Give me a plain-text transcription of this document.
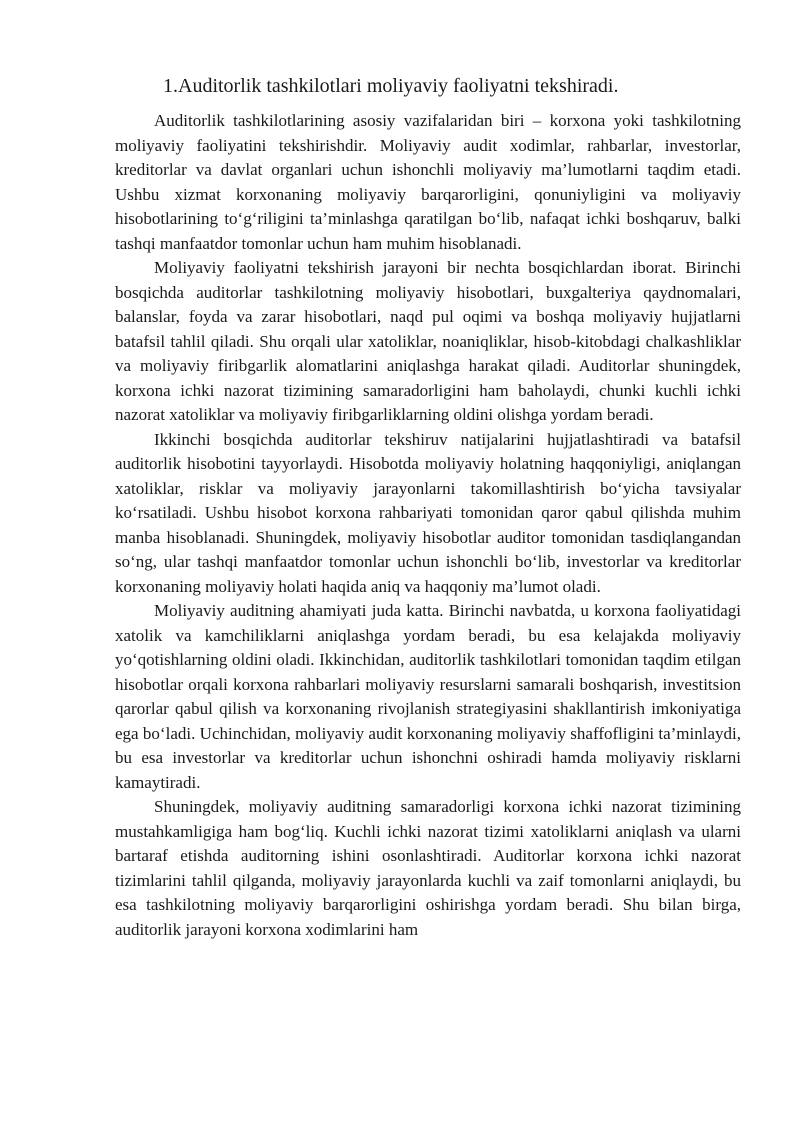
1.Auditorlik tashkilotlari moliyaviy faoliyatni tekshiradi.

Auditorlik tashkilotlarining asosiy vazifalaridan biri – korxona yoki tashkilotning moliyaviy faoliyatini tekshirishdir. Moliyaviy audit xodimlar, rahbarlar, investorlar, kreditorlar va davlat organlari uchun ishonchli moliyaviy ma’lumotlarni taqdim etadi. Ushbu xizmat korxonaning moliyaviy barqarorligini, qonuniyligini va moliyaviy hisobotlarining to‘g‘riligini ta’minlashga qaratilgan bo‘lib, nafaqat ichki boshqaruv, balki tashqi manfaatdor tomonlar uchun ham muhim hisoblanadi.

Moliyaviy faoliyatni tekshirish jarayoni bir nechta bosqichlardan iborat. Birinchi bosqichda auditorlar tashkilotning moliyaviy hisobotlari, buxgalteriya qaydnomalari, balanslar, foyda va zarar hisobotlari, naqd pul oqimi va boshqa moliyaviy hujjatlarni batafsil tahlil qiladi. Shu orqali ular xatoliklar, noaniqliklar, hisob-kitobdagi chalkashliklar va moliyaviy firibgarlik alomatlarini aniqlashga harakat qiladi. Auditorlar shuningdek, korxona ichki nazorat tizimining samaradorligini ham baholaydi, chunki kuchli ichki nazorat xatoliklar va moliyaviy firibgarliklarning oldini olishga yordam beradi.

Ikkinchi bosqichda auditorlar tekshiruv natijalarini hujjatlashtiradi va batafsil auditorlik hisobotini tayyorlaydi. Hisobotda moliyaviy holatning haqqoniyligi, aniqlangan xatoliklar, risklar va moliyaviy jarayonlarni takomillashtirish bo‘yicha tavsiyalar ko‘rsatiladi. Ushbu hisobot korxona rahbariyati tomonidan qaror qabul qilishda muhim manba hisoblanadi. Shuningdek, moliyaviy hisobotlar auditor tomonidan tasdiqlangandan so‘ng, ular tashqi manfaatdor tomonlar uchun ishonchli bo‘lib, investorlar va kreditorlar korxonaning moliyaviy holati haqida aniq va haqqoniy ma’lumot oladi.

Moliyaviy auditning ahamiyati juda katta. Birinchi navbatda, u korxona faoliyatidagi xatolik va kamchiliklarni aniqlashga yordam beradi, bu esa kelajakda moliyaviy yo‘qotishlarning oldini oladi. Ikkinchidan, auditorlik tashkilotlari tomonidan taqdim etilgan hisobotlar orqali korxona rahbarlari moliyaviy resurslarni samarali boshqarish, investitsion qarorlar qabul qilish va korxonaning rivojlanish strategiyasini shakllantirish imkoniyatiga ega bo‘ladi. Uchinchidan, moliyaviy audit korxonaning moliyaviy shaffofligini ta’minlaydi, bu esa investorlar va kreditorlar uchun ishonchni oshiradi hamda moliyaviy risklarni kamaytiradi.

Shuningdek, moliyaviy auditning samaradorligi korxona ichki nazorat tizimining mustahkamligiga ham bog‘liq. Kuchli ichki nazorat tizimi xatoliklarni aniqlash va ularni bartaraf etishda auditorning ishini osonlashtiradi. Auditorlar korxona ichki nazorat tizimlarini tahlil qilganda, moliyaviy jarayonlarda kuchli va zaif tomonlarni aniqlaydi, bu esa tashkilotning moliyaviy barqarorligini oshirishga yordam beradi. Shu bilan birga, auditorlik jarayoni korxona xodimlarini ham
